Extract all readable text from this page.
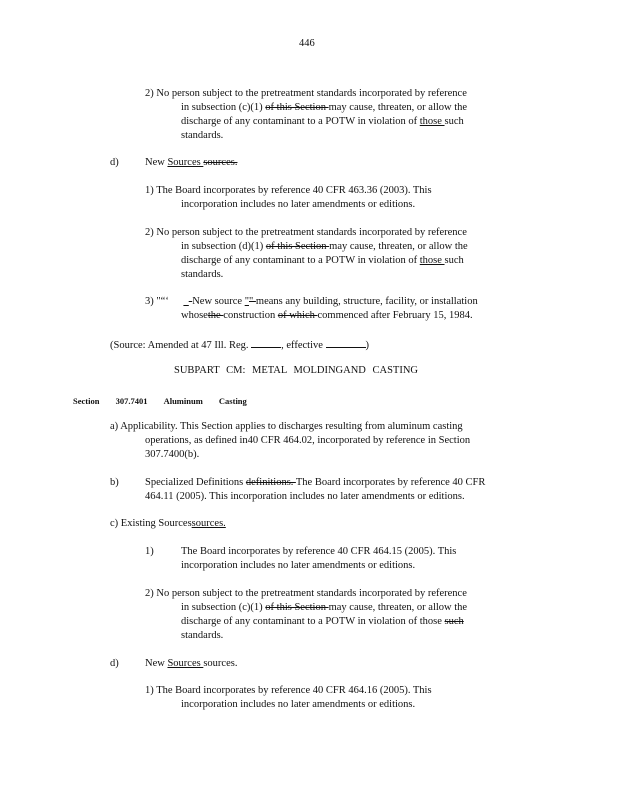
446
2) No person subject to the pretreatment standards incorporated by reference
in subsection (c)(1) of this Section may cause, threaten, or allow the
discharge of any contaminant to a POTW in violation of those such
standards.
d)	New Sources sources.
1) The Board incorporates by reference 40 CFR 463.36 (2003). This
incorporation includes no later amendments or editions.
2) No person subject to the pretreatment standards incorporated by reference
in subsection (d)(1) of this Section may cause, threaten, or allow the
discharge of any contaminant to a POTW in violation of those such
standards.
3) "“‘ _-New source "" means any building, structure, facility, or installation
whosethe construction of which commenced after February 15, 1984.
(Source: Amended at 47 Ill. Reg.	, effective	)
SUBPART CM: METAL MOLDINGAND CASTING
Section 307.7401 Aluminum Casting
a) Applicability. This Section applies to discharges resulting from aluminum casting
operations, as defined in40 CFR 464.02, incorporated by reference in Section
307.7400(b).
b)	Specialized Definitions definitions. The Board incorporates by reference 40 CFR
464.11 (2005). This incorporation includes no later amendments or editions.
c) Existing Sourcessources.
1)	The Board incorporates by reference 40 CFR 464.15 (2005). This
incorporation includes no later amendments or editions.
2) No person subject to the pretreatment standards incorporated by reference
in subsection (c)(1) of this Section may cause, threaten, or allow the
discharge of any contaminant to a POTW in violation of those such
standards.
d)	New Sources sources.
1) The Board incorporates by reference 40 CFR 464.16 (2005). This
incorporation includes no later amendments or editions.
